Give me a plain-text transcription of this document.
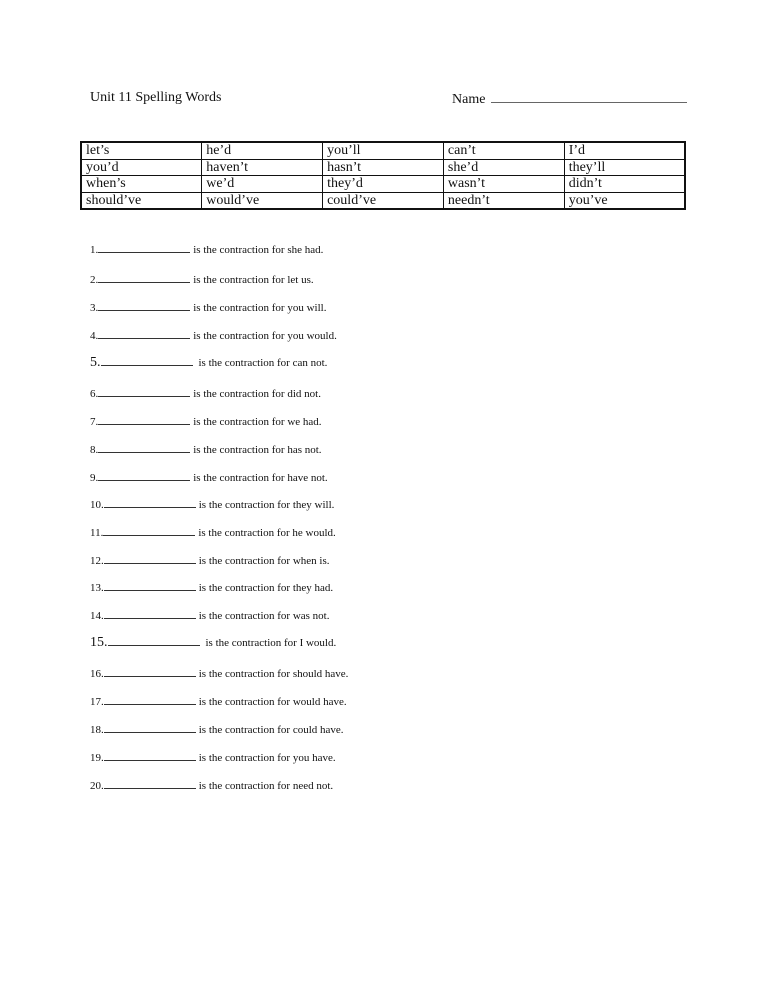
Unit 11 Spelling Words	Name
let’s	he’d	you’ll	can’t	I’d
you’d	haven’t	hasn’t	she’d	they’ll
when’s	we’d	they’d	wasn’t	didn’t
should’ve	would’ve	could’ve	needn’t	you’ve
1.	is the contraction for she had.
2.	is the contraction for let us.
3.	is the contraction for you will.
4.	is the contraction for you would.
5.	is the contraction for can not.
6.	is the contraction for did not.
7.	is the contraction for we had.
8.	is the contraction for has not.
9.	is the contraction for have not.
10.	is the contraction for they will.
11.	is the contraction for he would.
12.	is the contraction for when is.
13.	is the contraction for they had.
14.	is the contraction for was not.
15.	is the contraction for I would.
16.	is the contraction for should have.
17.	is the contraction for would have.
18.	is the contraction for could have.
19.	is the contraction for you have.
20.	is the contraction for need not.
